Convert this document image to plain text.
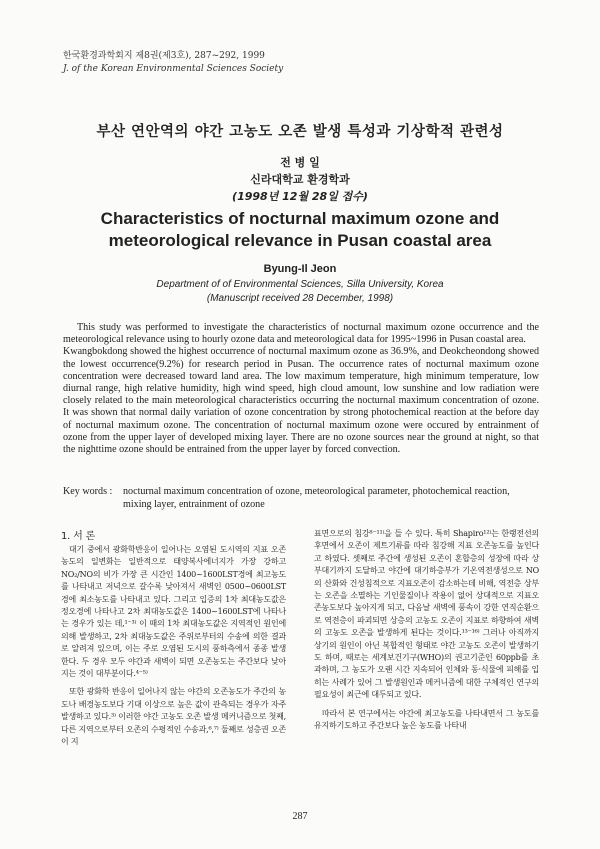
한국환경과학회지 제8권(제3호), 287~292, 1999
J. of the Korean Environmental Sciences Society
부산 연안역의 야간 고농도 오존 발생 특성과 기상학적 관련성
전 병 일
신라대학교 환경학과
(1998년 12월 28일 접수)
Characteristics of nocturnal maximum ozone and
meteorological relevance in Pusan coastal area
Byung-Il Jeon
Department of of Environmental Sciences, Silla University, Korea
(Manuscript received 28 December, 1998)

This study was performed to investigate the characteristics of nocturnal maximum ozone occurrence and the meteorological relevance using to hourly ozone data and meteorological data for 1995~1996 in Pusan coastal area.

Kwangbokdong showed the highest occurrence of nocturnal maximum ozone as 36.9%, and Deokcheondong showed the lowest occurrence(9.2%) for research period in Pusan. The occurrence rates of nocturnal maximum ozone concentration were decreased toward land area. The low maximum temperature, high minimum temperature, low diurnal range, high relative humidity, high wind speed, high cloud amount, low sunshine and low radiation were closely related to the main meteorological characteristics occurring the nocturnal maximum concentration of ozone. It was shown that normal daily variation of ozone concentration by strong photochemical reaction at the before day of nocturnal maximum ozone. The concentration of nocturnal maximum ozone were occured by entrainment of ozone from the upper layer of developed mixing layer. There are no ozone sources near the ground at night, so that the nighttime ozone should be entrained from the upper layer by forced convection.

Key words : nocturnal maximum concentration of ozone, meteorological parameter, photochemical reaction, mixing layer, entrainment of ozone
1. 서 론

대기 중에서 광화학반응이 일어나는 오염된 도시역의 지표 오존농도의 일변화는 일반적으로 태양복사에너지가 가장 강하고 NO₂/NO의 비가 가장 큰 시간인 1400~1600LST경에 최고농도를 나타내고 저녁으로 갈수록 낮아져서 새벽인 0500~0600LST경에 최소농도를 나타내고 있다. 그리고 입증의 1차 최대농도값은 정오경에 나타나고 2차 최대농도값은 1400~1600LST에 나타나는 경우가 있는 데,¹⁻³⁾ 이 때의 1차 최대농도값은 지역적인 원인에 의해 발생하고, 2차 최대농도값은 주위로부터의 수송에 의한 결과로 알려져 있으며, 이는 주로 오염된 도시의 풍하측에서 종종 발생한다. 두 경우 모두 야간과 새벽이 되면 오존농도는 주간보다 낮아지는 것이 대부분이다.⁴⁻⁵⁾

또한 광화학 반응이 일어나지 않는 야간의 오존농도가 주간의 농도나 배경농도보다 기대 이상으로 높은 값이 관측되는 경우가 자주 발생하고 있다.³⁾ 이러한 야간 고농도 오존 발생 메커니즘으로 첫째, 다른 지역으로부터 오존의 수평적인 수송과,⁶,⁷⁾ 둘째로 성층권 오존이 지

표면으로의 침강⁸⁻¹¹⁾을 들 수 있다. 특히 Shapiro¹²⁾는 한랭전선의 후면에서 오존이 제트기류를 따라 침강해 지표 오존농도를 높인다고 하였다. 셋째로 주간에 생성된 오존이 혼합층의 성장에 따라 상부대기까지 도달하고 야간에 대기하층부가 기온역전생성으로 NO의 산화와 건성침적으로 지표오존이 감소하는데 비해, 역전층 상부는 오존을 소멸하는 기인물질이나 작용이 없어 상대적으로 지표오존농도보다 높아지게 되고, 다음날 새벽에 풍속이 강한 연직순환으로 역전층이 파괴되면 상층의 고농도 오존이 지표로 하향하여 새벽의 고농도 오존을 발생하게 된다는 것이다.¹³⁻¹⁶⁾ 그러나 아직까지 상기의 원인이 아닌 복합적인 형태로 야간 고농도 오존이 발생하기도 하며, 때로는 세계보건기구(WHO)의 권고기준인 60ppb를 초과하며, 그 농도가 오랜 시간 지속되어 인체와 동·식물에 피해를 입히는 사례가 있어 그 발생원인과 메커니즘에 대한 구체적인 연구의 필요성이 최근에 대두되고 있다.

따라서 본 연구에서는 야간에 최고농도를 나타내면서 그 농도를 유지하기도하고 주간보다 높은 농도를 나타내

287
